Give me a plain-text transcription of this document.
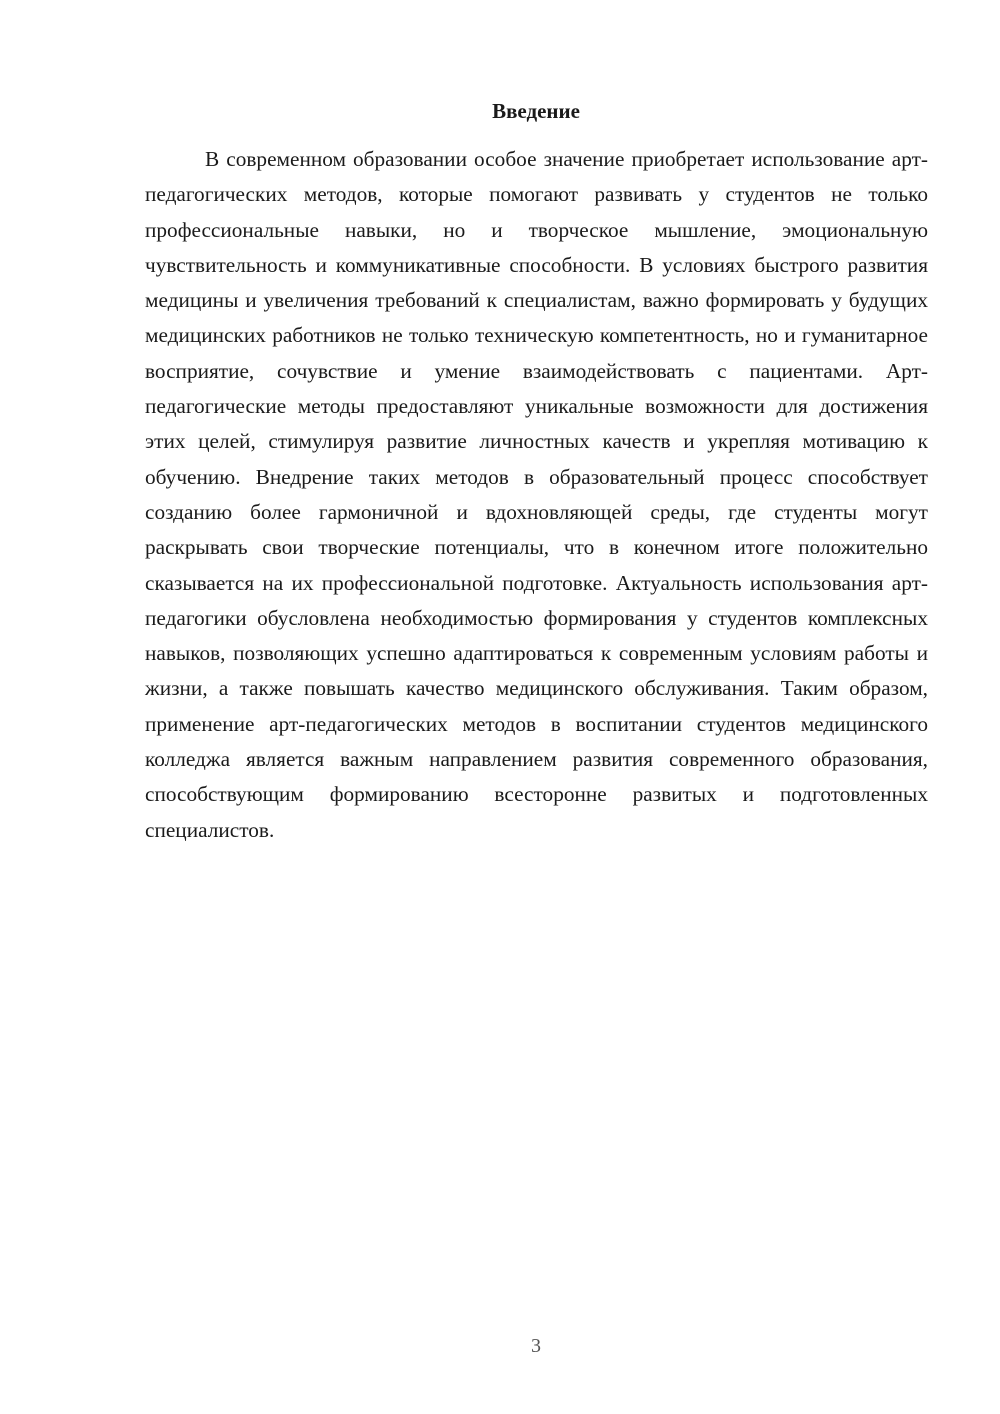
Введение

В современном образовании особое значение приобретает использование арт-педагогических методов, которые помогают развивать у студентов не только профессиональные навыки, но и творческое мышление, эмоциональную чувствительность и коммуникативные способности. В условиях быстрого развития медицины и увеличения требований к специалистам, важно формировать у будущих медицинских работников не только техническую компетентность, но и гуманитарное восприятие, сочувствие и умение взаимодействовать с пациентами. Арт-педагогические методы предоставляют уникальные возможности для достижения этих целей, стимулируя развитие личностных качеств и укрепляя мотивацию к обучению. Внедрение таких методов в образовательный процесс способствует созданию более гармоничной и вдохновляющей среды, где студенты могут раскрывать свои творческие потенциалы, что в конечном итоге положительно сказывается на их профессиональной подготовке. Актуальность использования арт-педагогики обусловлена необходимостью формирования у студентов комплексных навыков, позволяющих успешно адаптироваться к современным условиям работы и жизни, а также повышать качество медицинского обслуживания. Таким образом, применение арт-педагогических методов в воспитании студентов медицинского колледжа является важным направлением развития современного образования, способствующим формированию всесторонне развитых и подготовленных специалистов.

3
